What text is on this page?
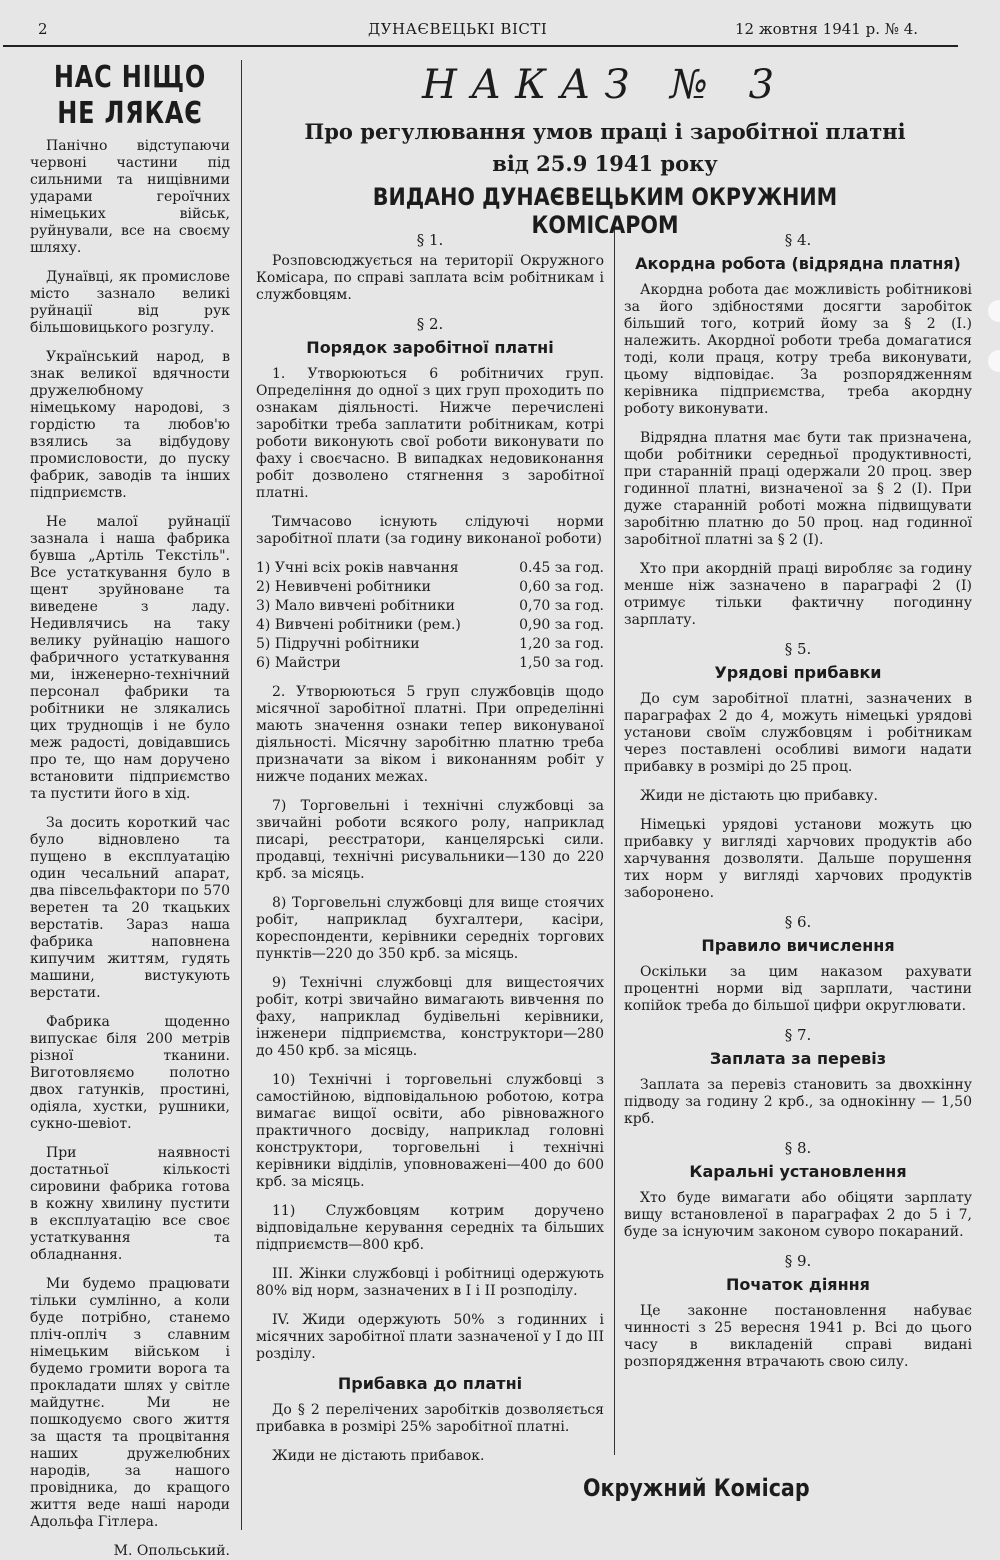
2	ДУНАЄВЕЦЬКІ ВІСТІ	12 жовтня 1941 р. № 4.
НАС НІЩО НЕ ЛЯКАЄ

Панічно відступаючи червоні частини під сильними та нищівними ударами героїчних німецьких військ, руйнували, все на своєму шляху.

Дунаївці, як промислове місто зазнало великі руйнації від рук більшовицького розгулу.

Український народ, в знак великої вдячности дружелюбному німецькому народові, з гордістю та любов'ю взялись за відбудову промисловости, до пуску фабрик, заводів та інших підприємств.

Не малої руйнації зазнала і наша фабрика бувша „Артіль Текстіль". Все устаткування було в щент зруйноване та виведене з ладу. Недивлячись на таку велику руйнацію нашого фабричного устаткування ми, інженерно-технічний персонал фабрики та робітники не злякались цих труднощів і не було меж радості, довідавшись про те, що нам доручено встановити підприємство та пустити його в хід.

За досить короткий час було відновлено та пущено в експлуатацію один чесальний апарат, два півсельфактори по 570 веретен та 20 ткацьких верстатів. Зараз наша фабрика наповнена кипучим життям, гудять машини, вистукують верстати.

Фабрика щоденно випускає біля 200 метрів різної тканини. Виготовляємо полотно двох гатунків, простині, одіяла, хустки, рушники, сукно-шевіот.

При наявності достатньої кількості сировини фабрика готова в кожну хвилину пустити в експлуатацію все своє устаткування та обладнання.

Ми будемо працювати тільки сумлінно, а коли буде потрібно, станемо пліч-опліч з славним німецьким військом і будемо громити ворога та прокладати шлях у світле майдутнє. Ми не пошкодуємо свого життя за щастя та процвітання наших дружелюбних народів, за нашого провідника, до кращого життя веде наші народи Адольфа Гітлера.

М. Опольський.
НАКАЗ № 3
Про регулювання умов праці і заробітної платні
від 25.9 1941 року
ВИДАНО ДУНАЄВЕЦЬКИМ ОКРУЖНИМ КОМІСАРОМ
§ 1.

Розповсюджується на території Окружного Комісара, по справі заплата всім робітникам і службовцям.

§ 2.
Порядок заробітної платні

1. Утворюються 6 робітничих груп. Определіння до одної з цих груп проходить по ознакам діяльності. Нижче перечислені заробітки треба заплатити робітникам, котрі роботи виконують свої роботи виконувати по фаху і своєчасно. В випадках недовиконання робіт дозволено стягнення з заробітної платні.

Тимчасово існують слідуючі норми заробітної плати (за годину виконаної роботи)

1) Учні всіх років навчання	0.45 за год.
2) Невивчені робітники	0,60 за год.
3) Мало вивчені робітники	0,70 за год.
4) Вивчені робітники (рем.)	0,90 за год.
5) Підручні робітники	1,20 за год.
6) Майстри	1,50 за год.

2. Утворюються 5 груп службовців щодо місячної заробітної платні. При определінні мають значення ознаки тепер виконуваної діяльності. Місячну заробітню платню треба призначати за віком і виконанням робіт у нижче поданих межах.

7) Торговельні і технічні службовці за звичайні роботи всякого ролу, наприклад писарі, реєстратори, канцелярські сили. продавці, технічні рисувальники—130 до 220 крб. за місяць.

8) Торговельні службовці для вище стоячих робіт, наприклад бухгалтери, касіри, кореспонденти, керівники середніх торгових пунктів—220 до 350 крб. за місяць.

9) Технічні службовці для вищестоячих робіт, котрі звичайно вимагають вивчення по фаху, наприклад будівельні керівники, інженери підприємства, конструктори—280 до 450 крб. за місяць.

10) Технічні і торговельні службовці з самостійною, відповідальною роботою, котра вимагає вищої освіти, або рівноважного практичного досвіду, наприклад головні конструктори, торговельні і технічні керівники відділів, уповноважені—400 до 600 крб. за місяць.

11) Службовцям котрим доручено відповідальне керування середніх та більших підприємств—800 крб.

III. Жінки службовці і робітниці одержують 80% від норм, зазначених в І і ІІ розподілу.

IV. Жиди одержують 50% з годинних і місячних заробітної плати зазначеної у І до ІІІ розділу.

Прибавка до платні

До § 2 перелічених заробітків дозволяється прибавка в розмірі 25% заробітної платні.

Жиди не дістають прибавок.

§ 4.
Акордна робота (відрядна платня)

Акордна робота дає можливість робітникові за його здібностями досягти заробіток більший того, котрий йому за § 2 (І.) належить. Акордної роботи треба домагатися тоді, коли праця, котру треба виконувати, цьому відповідає. За розпорядженням керівника підприємства, треба акордну роботу виконувати.

Відрядна платня має бути так призначена, щоби робітники середньої продуктивності, при старанній праці одержали 20 проц. звер годинної платні, визначеної за § 2 (І). При дуже старанній роботі можна підвищувати заробітню платню до 50 проц. над годинної заробітної платні за § 2 (І).

Хто при акордній праці виробляє за годину менше ніж зазначено в параграфі 2 (І) отримує тільки фактичну погодинну зарплату.

§ 5.
Урядові прибавки

До сум заробітної платні, зазначених в параграфах 2 до 4, можуть німецькі урядові установи своїм службовцям і робітникам через поставлені особливі вимоги надати прибавку в розмірі до 25 проц.

Жиди не дістають цю прибавку.

Німецькі урядові установи можуть цю прибавку у вигляді харчових продуктів або харчування дозволяти. Дальше порушення тих норм у вигляді харчових продуктів заборонено.

§ 6.
Правило вичислення

Оскільки за цим наказом рахувати процентні норми від зарплати, частини копійок треба до більшої цифри округлювати.

§ 7.
Заплата за перевіз

Заплата за перевіз становить за двохкінну підводу за годину 2 крб., за однокінну — 1,50 крб.

§ 8.
Каральні установлення

Хто буде вимагати або обіцяти зарплату вищу встановленої в параграфах 2 до 5 і 7, буде за існуючим законом суворо покараний.

§ 9.
Початок діяння

Це законне постановлення набуває чинності з 25 вересня 1941 р. Всі до цього часу в викладеній справі видані розпорядження втрачають свою силу.

Окружний Комісар
